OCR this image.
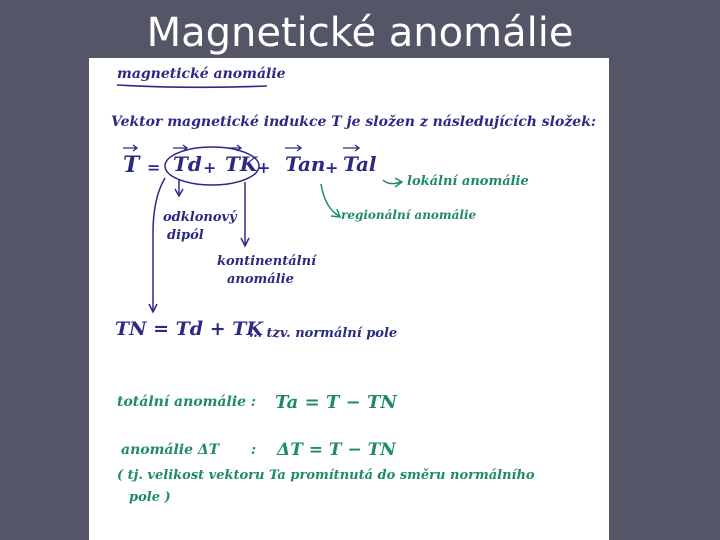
Magnetické anomálie
magnetické anomálie
Vektor magnetické indukce T je složen z následujících složek:
T = Td + TK + Tan + Tal
lokální anomálie
regionální anomálie
odklonový
dipól
kontinentální
anomálie
TN = Td + TK
… tzv. normální pole
totální anomálie : Ta = T − TN
anomálie ΔT : ΔT = T − TN
( tj. velikost vektoru Ta promítnutá do směru normálního
pole )
